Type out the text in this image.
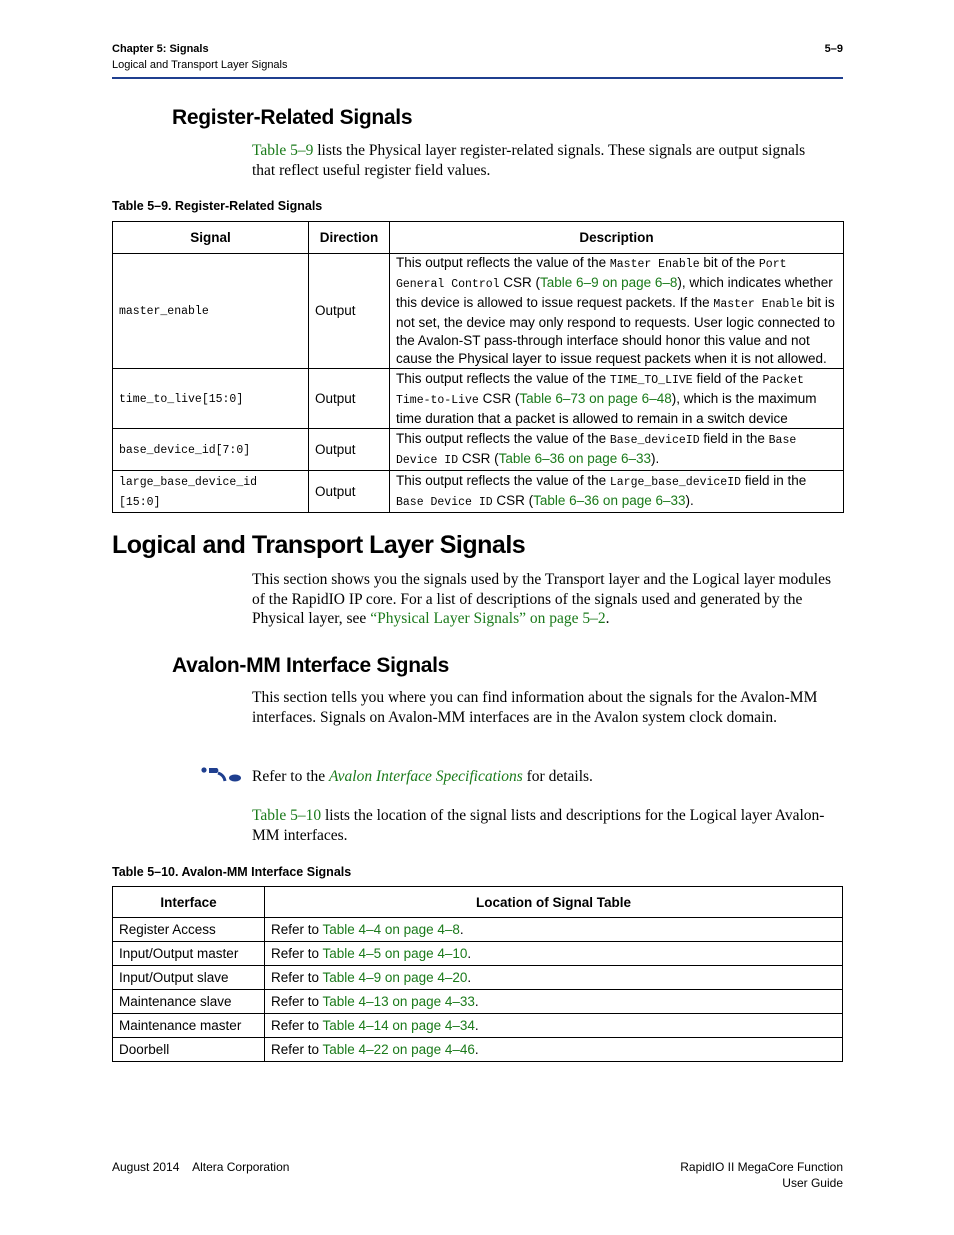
Chapter 5: Signals
Logical and Transport Layer Signals
5–9
Register-Related Signals

Table 5–9 lists the Physical layer register-related signals. These signals are output signals that reflect useful register field values.

Table 5–9. Register-Related Signals
Signal	Direction	Description
master_enable	Output	This output reflects the value of the Master Enable bit of the Port General Control CSR (Table 6–9 on page 6–8), which indicates whether this device is allowed to issue request packets. If the Master Enable bit is not set, the device may only respond to requests. User logic connected to the Avalon-ST pass-through interface should honor this value and not cause the Physical layer to issue request packets when it is not allowed.
time_to_live[15:0]	Output	This output reflects the value of the TIME_TO_LIVE field of the Packet Time-to-Live CSR (Table 6–73 on page 6–48), which is the maximum time duration that a packet is allowed to remain in a switch device
base_device_id[7:0]	Output	This output reflects the value of the Base_deviceID field in the Base Device ID CSR (Table 6–36 on page 6–33).
large_base_device_id [15:0]	Output	This output reflects the value of the Large_base_deviceID field in the Base Device ID CSR (Table 6–36 on page 6–33).
Logical and Transport Layer Signals

This section shows you the signals used by the Transport layer and the Logical layer modules of the RapidIO IP core. For a list of descriptions of the signals used and generated by the Physical layer, see “Physical Layer Signals” on page 5–2.

Avalon-MM Interface Signals

This section tells you where you can find information about the signals for the Avalon-MM interfaces. Signals on Avalon-MM interfaces are in the Avalon system clock domain.

Refer to the Avalon Interface Specifications for details.

Table 5–10 lists the location of the signal lists and descriptions for the Logical layer Avalon-MM interfaces.

Table 5–10. Avalon-MM Interface Signals
Interface	Location of Signal Table
Register Access	Refer to Table 4–4 on page 4–8.
Input/Output master	Refer to Table 4–5 on page 4–10.
Input/Output slave	Refer to Table 4–9 on page 4–20.
Maintenance slave	Refer to Table 4–13 on page 4–33.
Maintenance master	Refer to Table 4–14 on page 4–34.
Doorbell	Refer to Table 4–22 on page 4–46.
August 2014    Altera Corporation	RapidIO II MegaCore Function
User Guide
